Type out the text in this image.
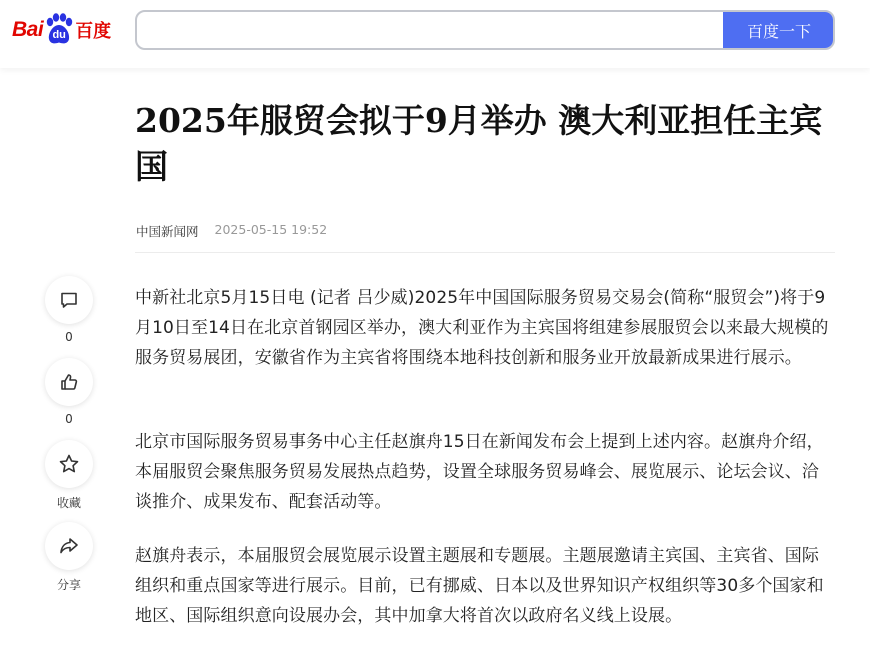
Bai du 百度	百度一下
2025年服贸会拟于9月举办 澳大利亚担任主宾国
中国新闻网 2025-05-15 19:52

中新社北京5月15日电 (记者 吕少威)2025年中国国际服务贸易交易会(简称“服贸会”)将于9月10日至14日在北京首钢园区举办，澳大利亚作为主宾国将组建参展服贸会以来最大规模的服务贸易展团，安徽省作为主宾省将围绕本地科技创新和服务业开放最新成果进行展示。

北京市国际服务贸易事务中心主任赵旗舟15日在新闻发布会上提到上述内容。赵旗舟介绍，本届服贸会聚焦服务贸易发展热点趋势，设置全球服务贸易峰会、展览展示、论坛会议、洽谈推介、成果发布、配套活动等。

赵旗舟表示，本届服贸会展览展示设置主题展和专题展。主题展邀请主宾国、主宾省、国际组织和重点国家等进行展示。目前，已有挪威、日本以及世界知识产权组织等30多个国家和地区、国际组织意向设展办会，其中加拿大将首次以政府名义线上设展。

0
0
收藏
分享
